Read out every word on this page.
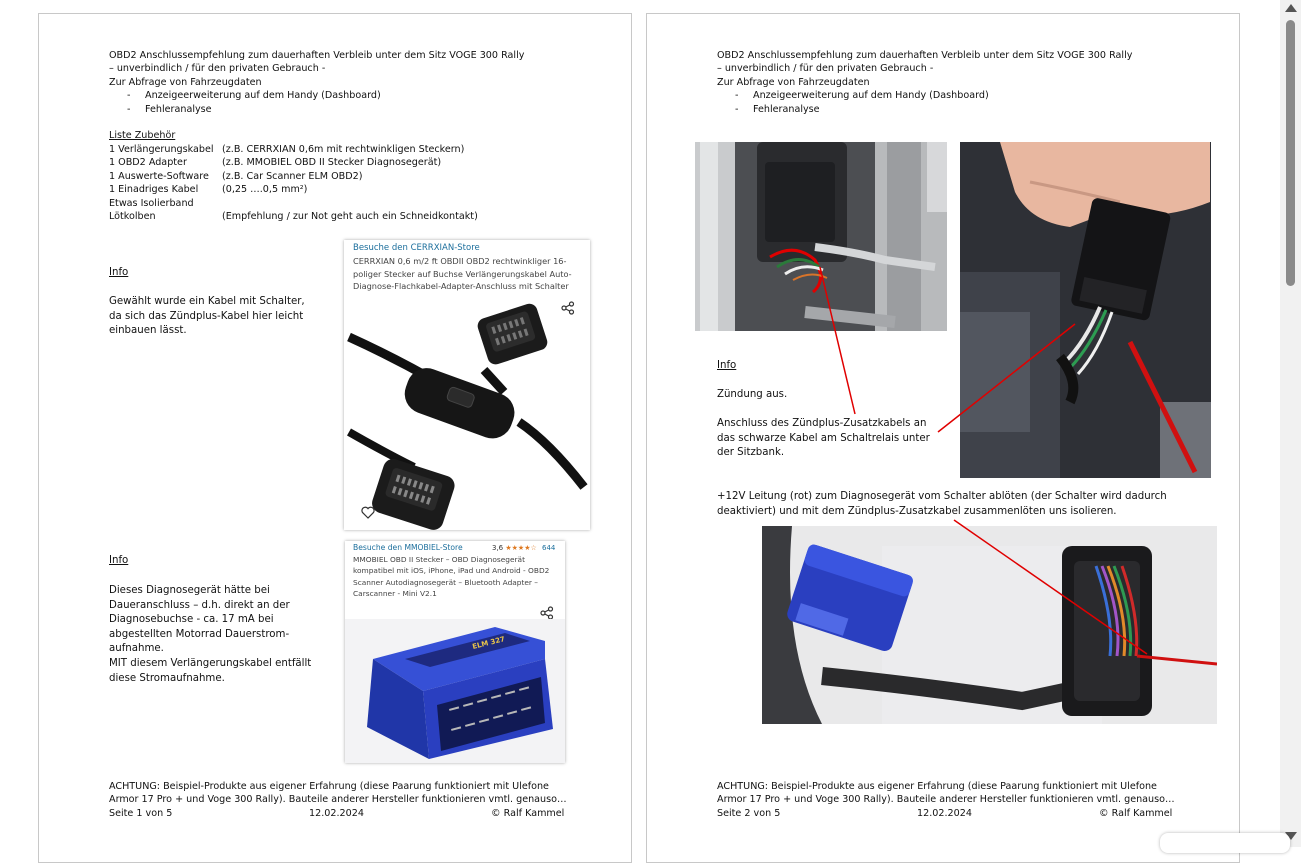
OBD2 Anschlussempfehlung zum dauerhaften Verbleib unter dem Sitz VOGE 300 Rally
– unverbindlich / für den privaten Gebrauch -
Zur Abfrage von Fahrzeugdaten
- Anzeigeerweiterung auf dem Handy (Dashboard)
- Fehleranalyse
Liste Zubehör
1 Verlängerungskabel	(z.B. CERRXIAN 0,6m mit rechtwinkligen Steckern)
1 OBD2 Adapter	(z.B. MMOBIEL OBD II Stecker Diagnosegerät)
1 Auswerte-Software	(z.B. Car Scanner ELM OBD2)
1 Einadriges Kabel	(0,25 ….0,5 mm²)
Etwas Isolierband	
Lötkolben	(Empfehlung / zur Not geht auch ein Schneidkontakt)
Info
Gewählt wurde ein Kabel mit Schalter,
da sich das Zündplus-Kabel hier leicht
einbauen lässt.
Besuche den CERRXIAN-Store
CERRXIAN 0,6 m/2 ft OBDII OBD2 rechtwinkliger 16-
poliger Stecker auf Buchse Verlängerungskabel Auto-
Diagnose-Flachkabel-Adapter-Anschluss mit Schalter
Info
Dieses Diagnosegerät hätte bei
Daueranschluss – d.h. direkt an der
Diagnosebuchse - ca. 17 mA bei
abgestellten Motorrad Dauerstrom-
aufnahme.
MIT diesem Verlängerungskabel entfällt
diese Stromaufnahme.
Besuche den MMOBIEL-Store	3,6 ★★★★☆ 644
MMOBIEL OBD II Stecker – OBD Diagnosegerät
kompatibel mit iOS, iPhone, iPad und Android - OBD2
Scanner Autodiagnosegerät – Bluetooth Adapter –
Carscanner - Mini V2.1
ELM 327
ACHTUNG: Beispiel-Produkte aus eigener Erfahrung (diese Paarung funktioniert mit Ulefone
Armor 17 Pro + und Voge 300 Rally). Bauteile anderer Hersteller funktionieren vmtl. genauso…
Seite 1 von 5	12.02.2024	© Ralf Kammel
OBD2 Anschlussempfehlung zum dauerhaften Verbleib unter dem Sitz VOGE 300 Rally
– unverbindlich / für den privaten Gebrauch -
Zur Abfrage von Fahrzeugdaten
- Anzeigeerweiterung auf dem Handy (Dashboard)
- Fehleranalyse
Info
Zündung aus.
Anschluss des Zündplus-Zusatzkabels an
das schwarze Kabel am Schaltrelais unter
der Sitzbank.
+12V Leitung (rot) zum Diagnosegerät vom Schalter ablöten (der Schalter wird dadurch
deaktiviert) und mit dem Zündplus-Zusatzkabel zusammenlöten uns isolieren.
ACHTUNG: Beispiel-Produkte aus eigener Erfahrung (diese Paarung funktioniert mit Ulefone
Armor 17 Pro + und Voge 300 Rally). Bauteile anderer Hersteller funktionieren vmtl. genauso…
Seite 2 von 5	12.02.2024	© Ralf Kammel
